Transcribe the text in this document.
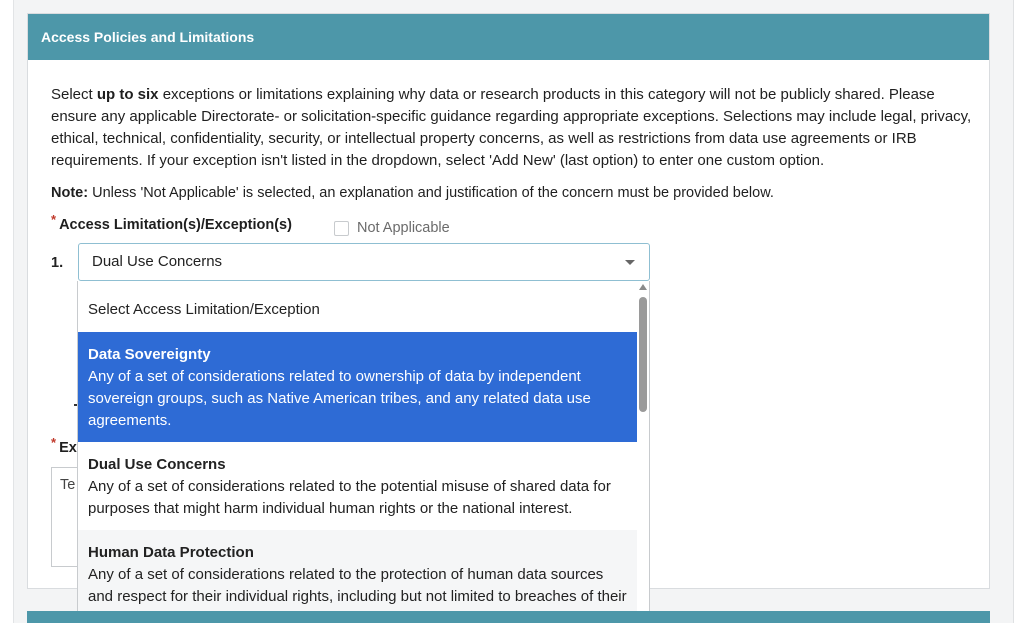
Access Policies and Limitations
Select up to six exceptions or limitations explaining why data or research products in this category will not be publicly shared. Please ensure any applicable Directorate- or solicitation-specific guidance regarding appropriate exceptions. Selections may include legal, privacy, ethical, technical, confidentiality, security, or intellectual property concerns, as well as restrictions from data use agreements or IRB requirements. If your exception isn't listed in the dropdown, select 'Add New' (last option) to enter one custom option.
Note: Unless 'Not Applicable' is selected, an explanation and justification of the concern must be provided below.
* Access Limitation(s)/Exception(s)	Not Applicable
1.	Dual Use Concerns
* Ex
Te
Select Access Limitation/Exception
Data Sovereignty
Any of a set of considerations related to ownership of data by independent sovereign groups, such as Native American tribes, and any related data use agreements.
Dual Use Concerns
Any of a set of considerations related to the potential misuse of shared data for purposes that might harm individual human rights or the national interest.
Human Data Protection
Any of a set of considerations related to the protection of human data sources and respect for their individual rights, including but not limited to breaches of their
